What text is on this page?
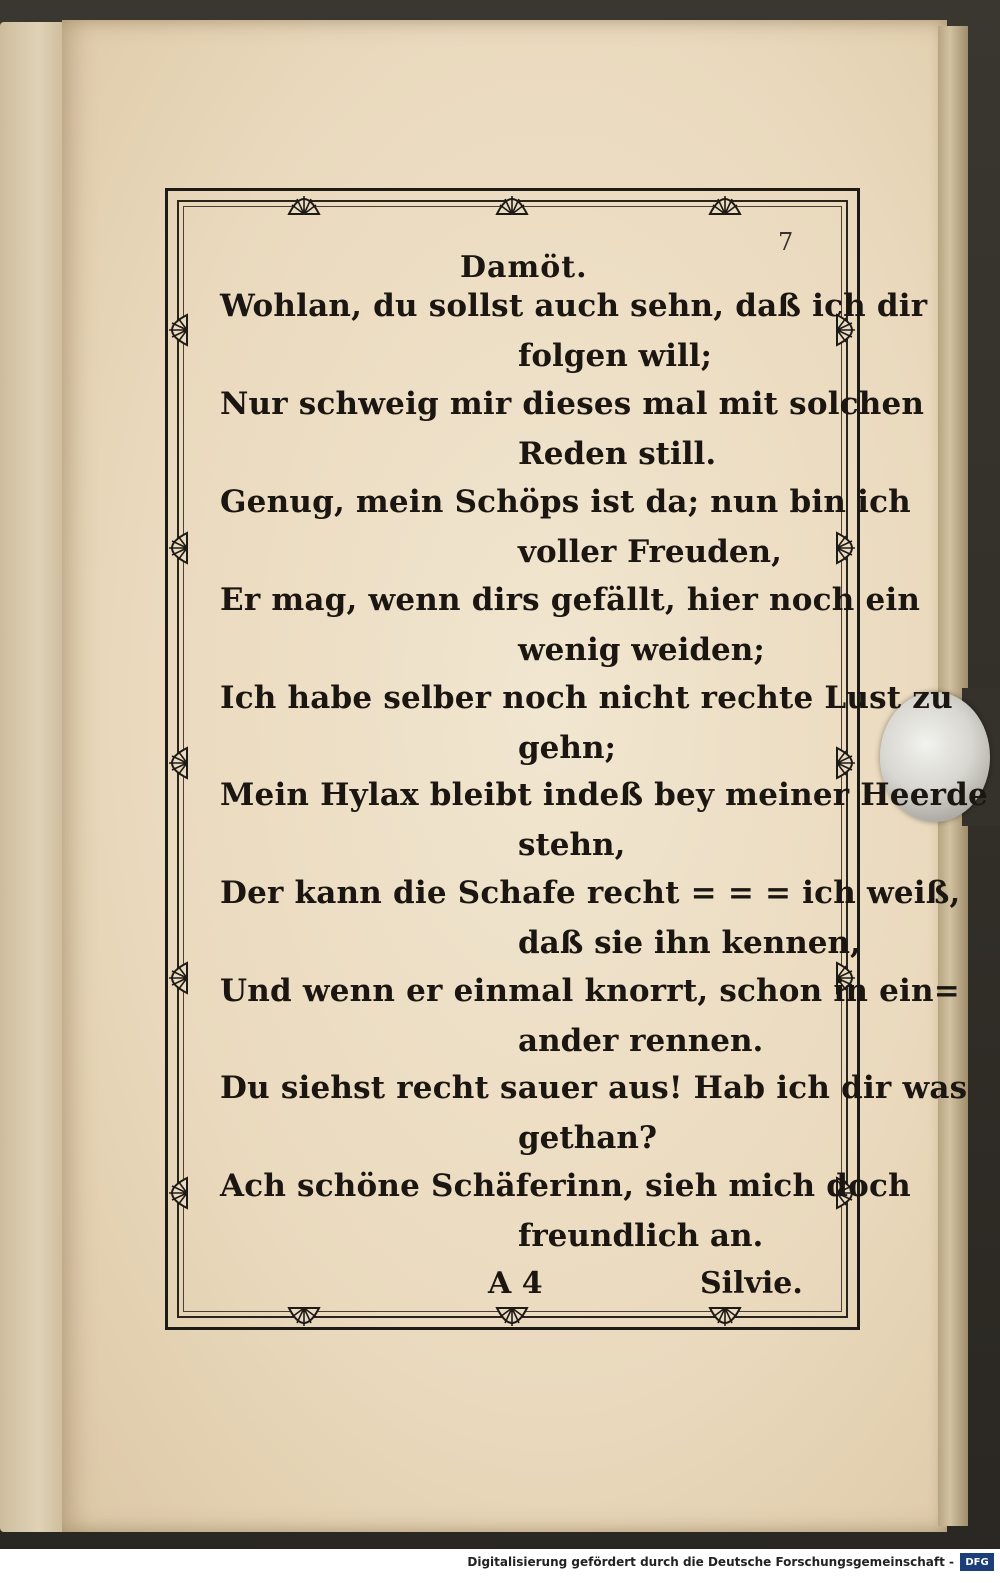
7
Damöt.
Wohlan, du sollst auch sehn, daß ich dir
folgen will;
Nur schweig mir dieses mal mit solchen
Reden still.
Genug, mein Schöps ist da; nun bin ich
voller Freuden,
Er mag, wenn dirs gefällt, hier noch ein
wenig weiden;
Ich habe selber noch nicht rechte Lust zu
gehn;
Mein Hylax bleibt indeß bey meiner Heerde
stehn,
Der kann die Schafe recht = = = ich weiß,
daß sie ihn kennen,
Und wenn er einmal knorrt, schon in ein=
ander rennen.
Du siehst recht sauer aus! Hab ich dir was
gethan?
Ach schöne Schäferinn, sieh mich doch
freundlich an.
A 4	Silvie.
Digitalisierung gefördert durch die Deutsche Forschungsgemeinschaft -	DFG
